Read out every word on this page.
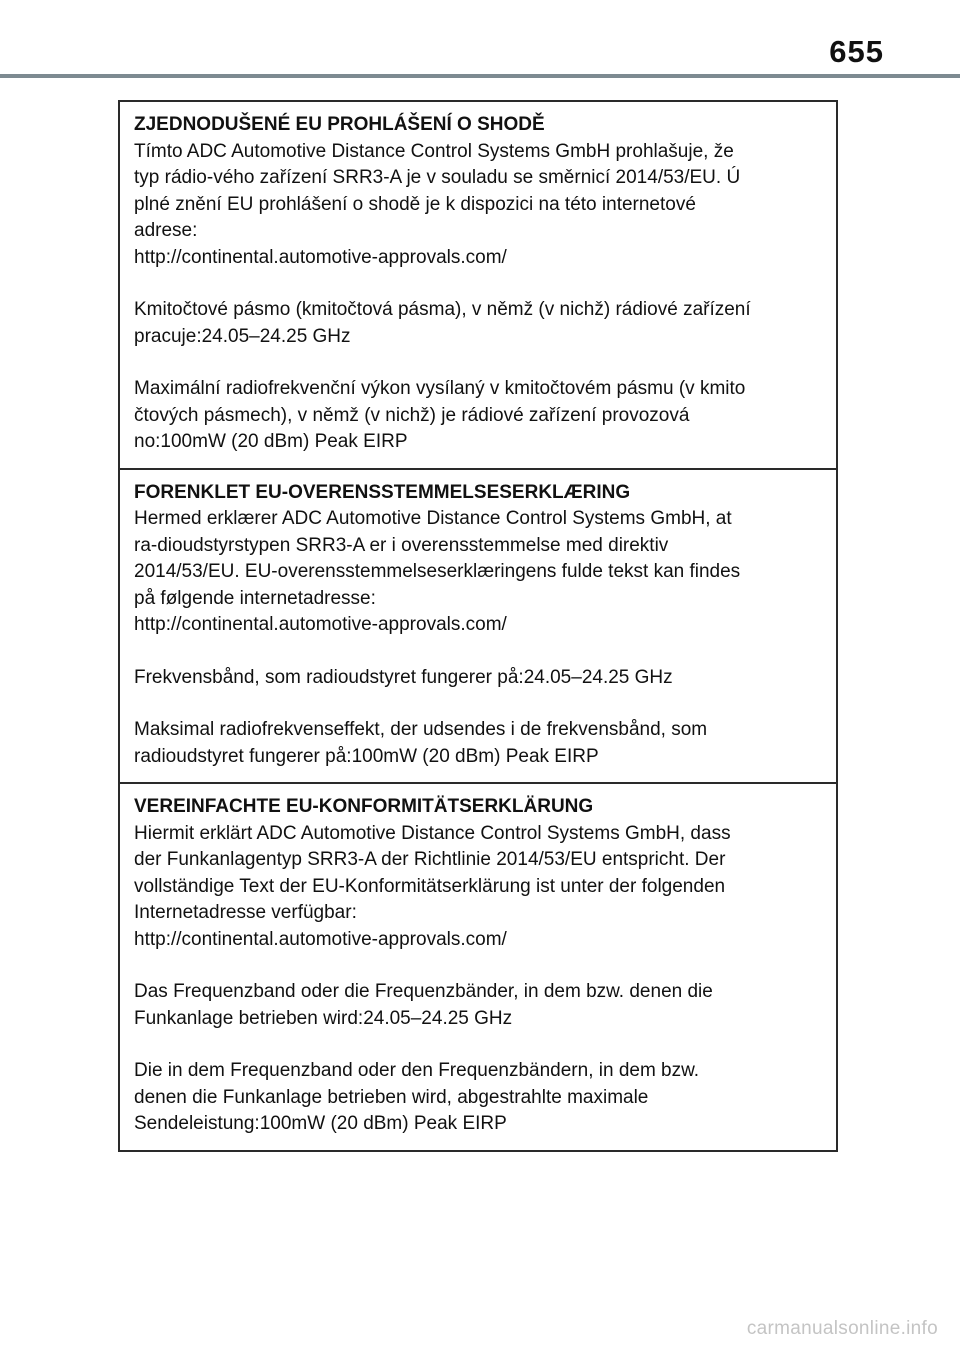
655

ZJEDNODUŠENÉ EU PROHLÁŠENÍ O SHODĚ

Tímto ADC Automotive Distance Control Systems GmbH prohlašuje, že

typ rádio-vého zařízení SRR3-A je v souladu se směrnicí 2014/53/EU. Ú

plné znění EU prohlášení o shodě je k dispozici na této internetové

adrese:

http://continental.automotive-approvals.com/

Kmitočtové pásmo (kmitočtová pásma), v němž (v nichž) rádiové zařízení

pracuje:24.05–24.25 GHz

Maximální radiofrekvenční výkon vysílaný v kmitočtovém pásmu (v kmito

čtových pásmech), v němž (v nichž) je rádiové zařízení provozová

no:100mW (20 dBm) Peak EIRP

FORENKLET EU-OVERENSSTEMMELSESERKLÆRING

Hermed erklærer ADC Automotive Distance Control Systems GmbH, at

ra-dioudstyrstypen SRR3-A er i overensstemmelse med direktiv

2014/53/EU. EU-overensstemmelseserklæringens fulde tekst kan findes

på følgende internetadresse:

http://continental.automotive-approvals.com/

Frekvensbånd, som radioudstyret fungerer på:24.05–24.25 GHz

Maksimal radiofrekvenseffekt, der udsendes i de frekvensbånd, som

radioudstyret fungerer på:100mW (20 dBm) Peak EIRP

VEREINFACHTE EU-KONFORMITÄTSERKLÄRUNG

Hiermit erklärt ADC Automotive Distance Control Systems GmbH, dass

der Funkanlagentyp SRR3-A der Richtlinie 2014/53/EU entspricht. Der

vollständige Text der EU-Konformitätserklärung ist unter der folgenden

Internetadresse verfügbar:

http://continental.automotive-approvals.com/

Das Frequenzband oder die Frequenzbänder, in dem bzw. denen die

Funkanlage betrieben wird:24.05–24.25 GHz

Die in dem Frequenzband oder den Frequenzbändern, in dem bzw.

denen die Funkanlage betrieben wird, abgestrahlte maximale

Sendeleistung:100mW (20 dBm) Peak EIRP

carmanualsonline.info
